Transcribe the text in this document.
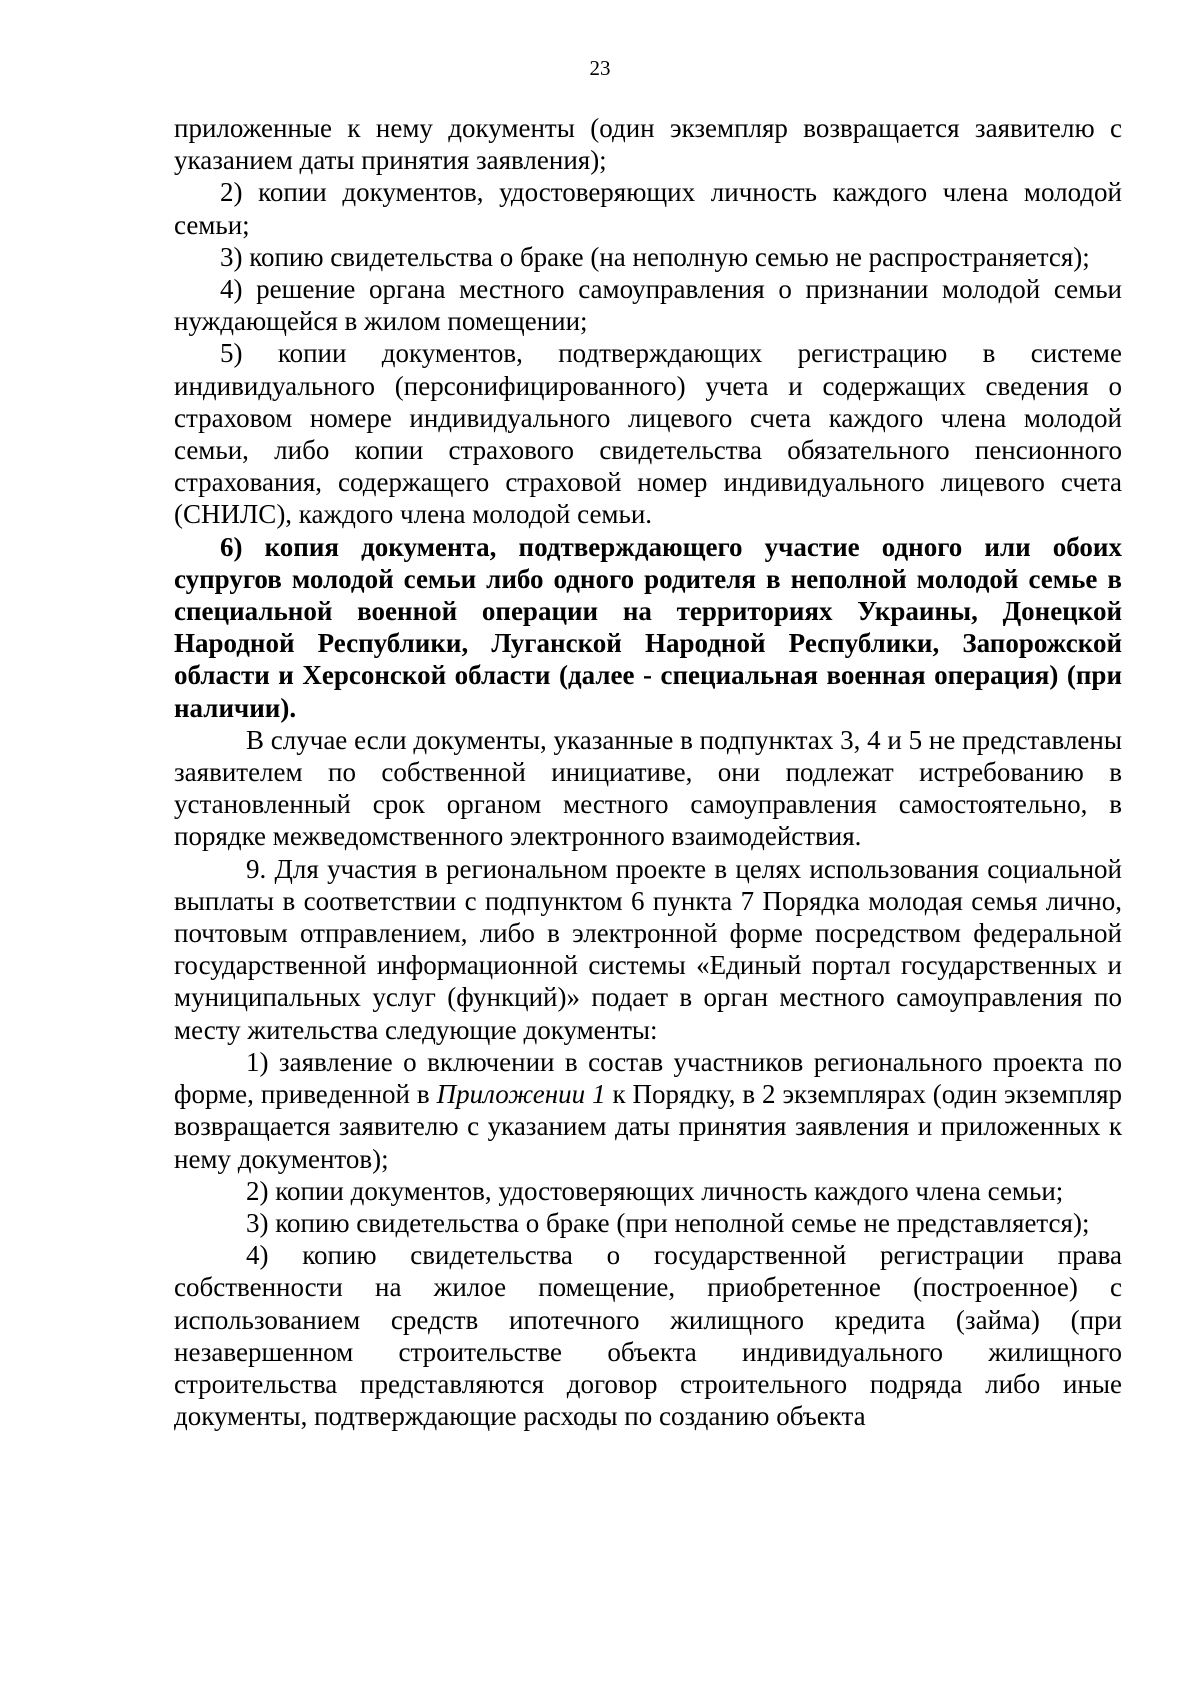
23

приложенные к нему документы (один экземпляр возвращается заявителю с указанием даты принятия заявления);

2) копии документов, удостоверяющих личность каждого члена молодой семьи;

3) копию свидетельства о браке (на неполную семью не распространяется);

4) решение органа местного самоуправления о признании молодой семьи нуждающейся в жилом помещении;

5) копии документов, подтверждающих регистрацию в системе индивидуального (персонифицированного) учета и содержащих сведения о страховом номере индивидуального лицевого счета каждого члена молодой семьи, либо копии страхового свидетельства обязательного пенсионного страхования, содержащего страховой номер индивидуального лицевого счета (СНИЛС), каждого члена молодой семьи.

6) копия документа, подтверждающего участие одного или обоих супругов молодой семьи либо одного родителя в неполной молодой семье в специальной военной операции на территориях Украины, Донецкой Народной Республики, Луганской Народной Республики, Запорожской области и Херсонской области (далее - специальная военная операция) (при наличии).

В случае если документы, указанные в подпунктах 3, 4 и 5 не представлены заявителем по собственной инициативе, они подлежат истребованию в установленный срок органом местного самоуправления самостоятельно, в порядке межведомственного электронного взаимодействия.

9. Для участия в региональном проекте в целях использования социальной выплаты в соответствии с подпунктом 6 пункта 7 Порядка молодая семья лично, почтовым отправлением, либо в электронной форме посредством федеральной государственной информационной системы «Единый портал государственных и муниципальных услуг (функций)» подает в орган местного самоуправления по месту жительства следующие документы:

1) заявление о включении в состав участников регионального проекта по форме, приведенной в Приложении 1 к Порядку, в 2 экземплярах (один экземпляр возвращается заявителю с указанием даты принятия заявления и приложенных к нему документов);

2) копии документов, удостоверяющих личность каждого члена семьи;

3) копию свидетельства о браке (при неполной семье не представляется);

4) копию свидетельства о государственной регистрации права собственности на жилое помещение, приобретенное (построенное) с использованием средств ипотечного жилищного кредита (займа) (при незавершенном строительстве объекта индивидуального жилищного строительства представляются договор строительного подряда либо иные документы, подтверждающие расходы по созданию объекта
